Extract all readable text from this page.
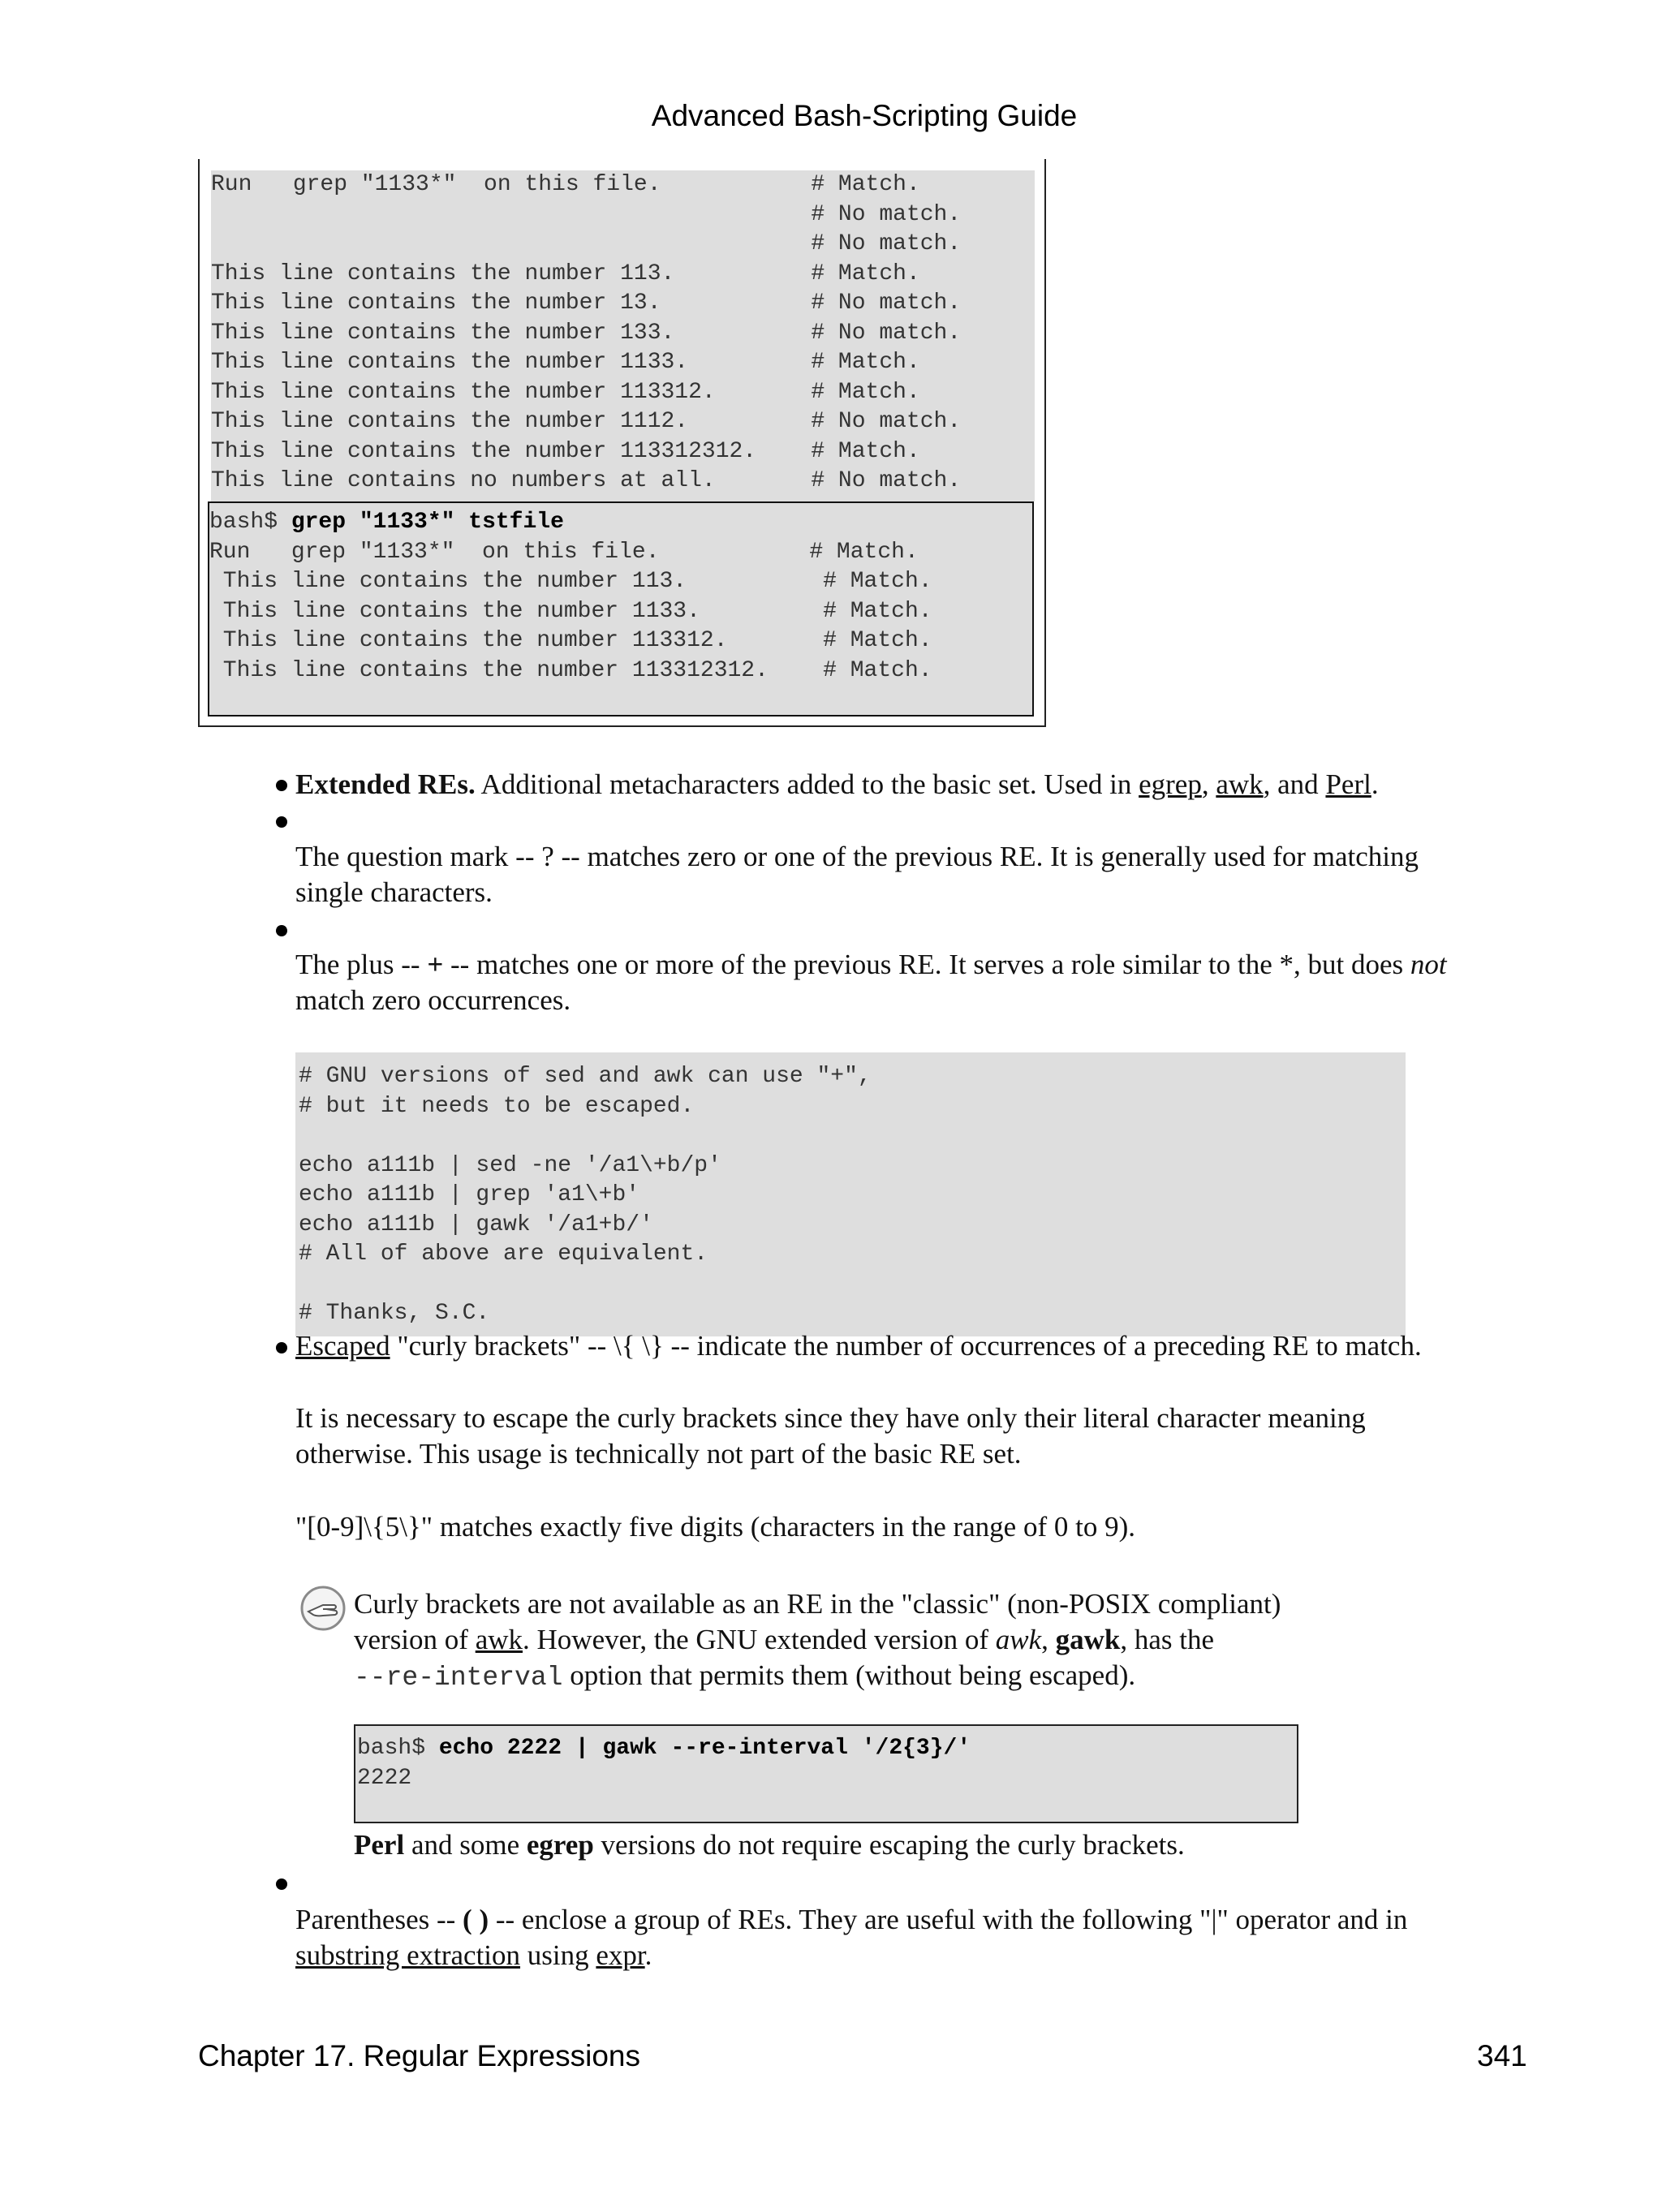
Advanced Bash-Scripting Guide
Run   grep "1133*"  on this file.           # Match.
# No match.
# No match.
This line contains the number 113.          # Match.
This line contains the number 13.           # No match.
This line contains the number 133.          # No match.
This line contains the number 1133.         # Match.
This line contains the number 113312.       # Match.
This line contains the number 1112.         # No match.
This line contains the number 113312312.    # Match.
This line contains no numbers at all.       # No match.
bash$ grep "1133*" tstfile
Run   grep "1133*"  on this file.           # Match.
This line contains the number 113.          # Match.
This line contains the number 1133.         # Match.
This line contains the number 113312.       # Match.
This line contains the number 113312312.    # Match.
Extended REs. Additional metacharacters added to the basic set. Used in egrep, awk, and Perl.
The question mark -- ? -- matches zero or one of the previous RE. It is generally used for matching
single characters.
The plus -- + -- matches one or more of the previous RE. It serves a role similar to the *, but does not
match zero occurrences.
# GNU versions of sed and awk can use "+",
# but it needs to be escaped.

echo a111b | sed -ne '/a1\+b/p'
echo a111b | grep 'a1\+b'
echo a111b | gawk '/a1+b/'
# All of above are equivalent.

# Thanks, S.C.
Escaped "curly brackets" -- \{ \} -- indicate the number of occurrences of a preceding RE to match.
It is necessary to escape the curly brackets since they have only their literal character meaning
otherwise. This usage is technically not part of the basic RE set.
"[0-9]\{5\}" matches exactly five digits (characters in the range of 0 to 9).
Curly brackets are not available as an RE in the "classic" (non-POSIX compliant)
version of awk. However, the GNU extended version of awk, gawk, has the
--re-interval option that permits them (without being escaped).
bash$ echo 2222 | gawk --re-interval '/2{3}/'
2222
Perl and some egrep versions do not require escaping the curly brackets.
Parentheses -- ( ) -- enclose a group of REs. They are useful with the following "|" operator and in
substring extraction using expr.
Chapter 17. Regular Expressions	341
